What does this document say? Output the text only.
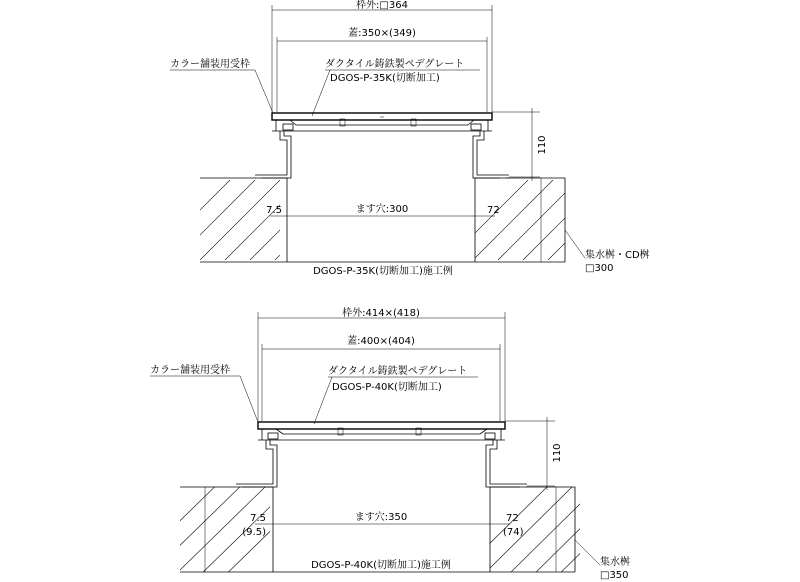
枠外:□364
蓋:350×(349)
カラー舗装用受枠	ダクタイル鋳鉄製ペデグレート
DGOS-P-35K(切断加工)
110
7.5	ます穴:300	72
DGOS-P-35K(切断加工)施工例
集水桝・CD桝
□300
枠外:414×(418)
蓋:400×(404)
カラー舗装用受枠	ダクタイル鋳鉄製ペデグレート
DGOS-P-40K(切断加工)
110
7.5
(9.5)
ます穴:350	72
(74)
DGOS-P-40K(切断加工)施工例	集水桝
□350
